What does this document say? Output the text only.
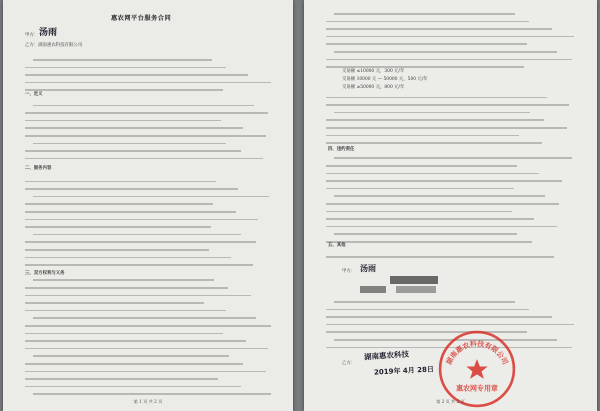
惠农网平台服务合同
甲方： 汤雨
乙方：湖南惠农科技有限公司
一、定义
二、服务内容
三、双方权利与义务
第 1 页 共 2 页
交易额 ≤10000 元，300 元/年
交易额 10000 元 — 50000 元，500 元/年
交易额 ≥50000 元，800 元/年
四、违约责任
五、其他
甲方： 汤雨
乙方：
湖南惠农科技
2019年 4月 28日
湖南惠农科技有限公司
惠农网专用章
第 2 页 共 2 页
